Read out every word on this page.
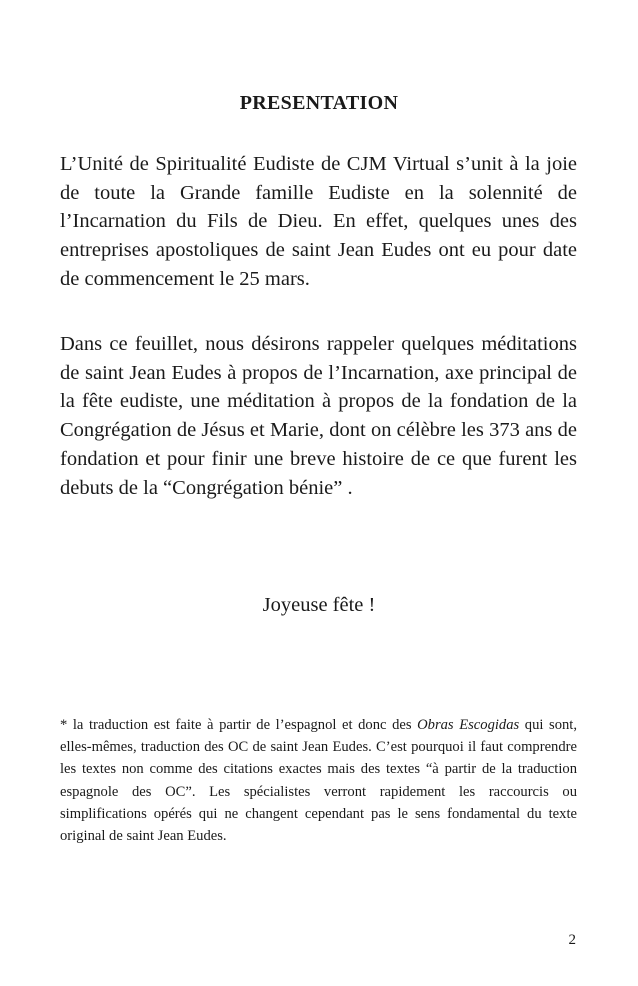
PRESENTATION

L’Unité de Spiritualité Eudiste de CJM Virtual s’unit à la joie de toute la Grande famille Eudiste en la solennité de l’Incarnation du Fils de Dieu. En effet, quelques unes des entreprises apostoliques de saint Jean Eudes ont eu pour date de commencement le 25 mars.

Dans ce feuillet, nous désirons rappeler quelques méditations de saint Jean Eudes à propos de l’Incarnation, axe principal de la fête eudiste, une méditation à propos de la fondation de la Congrégation de Jésus et Marie, dont on célèbre les 373 ans de fondation et pour finir une breve histoire de ce que furent les debuts de la “Congrégation bénie” .

Joyeuse fête !

* la traduction est faite à partir de l’espagnol et donc des Obras Escogidas qui sont, elles-mêmes, traduction des OC de saint Jean Eudes. C’est pourquoi il faut comprendre les textes non comme des citations exactes mais des textes “à partir de la traduction espagnole des OC”. Les spécialistes verront rapidement les raccourcis ou simplifications opérés qui ne changent cependant pas le sens fondamental du texte original de saint Jean Eudes.

2
